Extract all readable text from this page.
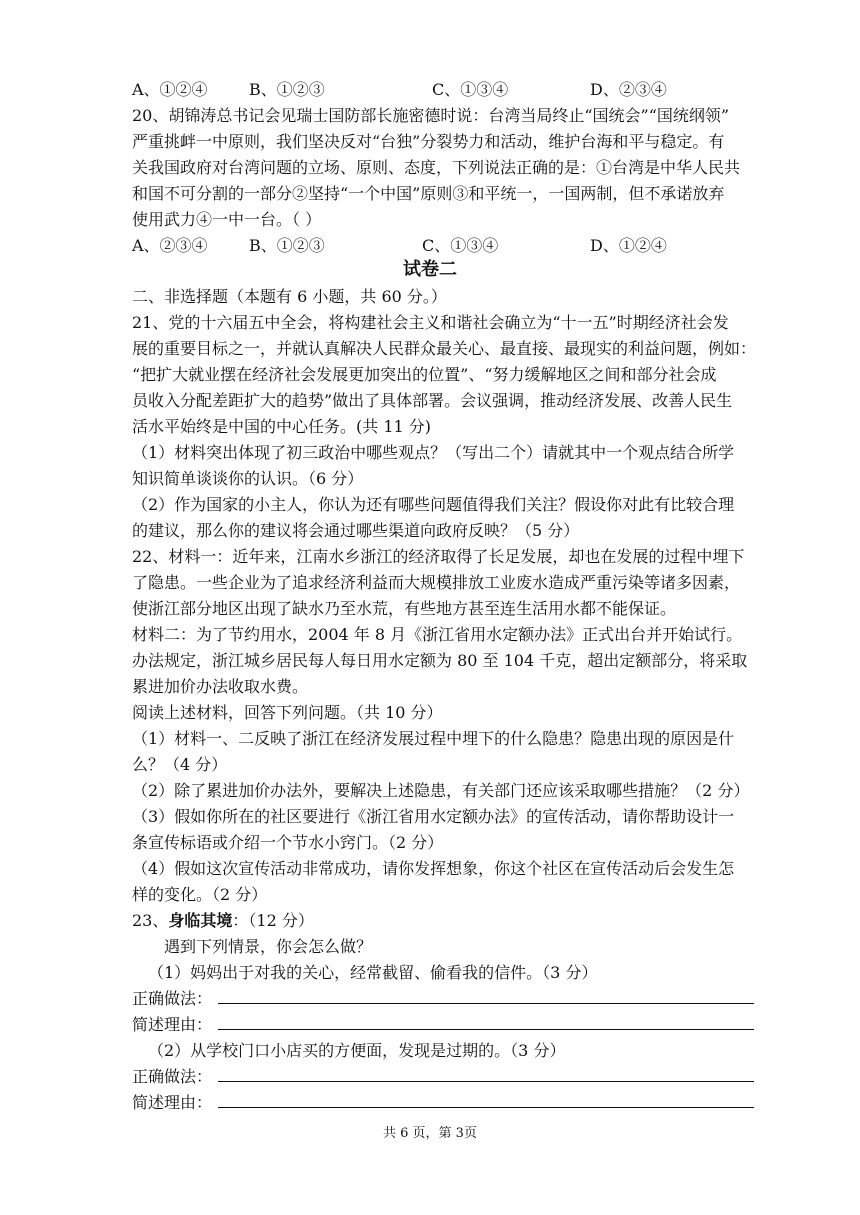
A、①②④	B、①②③	C、①③④	D、②③④
20、胡锦涛总书记会见瑞士国防部长施密德时说：台湾当局终止“国统会”“国统纲领”
严重挑衅一中原则，我们坚决反对“台独”分裂势力和活动，维护台海和平与稳定。有
关我国政府对台湾问题的立场、原则、态度，下列说法正确的是：①台湾是中华人民共
和国不可分割的一部分②坚持“一个中国”原则③和平统一，一国两制，但不承诺放弃
使用武力④一中一台。（ ）
A、②③④	B、①②③	C、①③④	D、①②④
试卷二
二、非选择题（本题有 6 小题，共 60 分。）
21、党的十六届五中全会，将构建社会主义和谐社会确立为“十一五”时期经济社会发
展的重要目标之一，并就认真解决人民群众最关心、最直接、最现实的利益问题，例如：
“把扩大就业摆在经济社会发展更加突出的位置”、“努力缓解地区之间和部分社会成
员收入分配差距扩大的趋势”做出了具体部署。会议强调，推动经济发展、改善人民生
活水平始终是中国的中心任务。(共 11 分)
（1）材料突出体现了初三政治中哪些观点？（写出二个）请就其中一个观点结合所学
知识简单谈谈你的认识。（6 分）
（2）作为国家的小主人，你认为还有哪些问题值得我们关注？假设你对此有比较合理
的建议，那么你的建议将会通过哪些渠道向政府反映？（5 分）
22、材料一：近年来，江南水乡浙江的经济取得了长足发展，却也在发展的过程中埋下
了隐患。一些企业为了追求经济利益而大规模排放工业废水造成严重污染等诸多因素，
使浙江部分地区出现了缺水乃至水荒，有些地方甚至连生活用水都不能保证。
材料二：为了节约用水，2004 年 8 月《浙江省用水定额办法》正式出台并开始试行。
办法规定，浙江城乡居民每人每日用水定额为 80 至 104 千克，超出定额部分，将采取
累进加价办法收取水费。
阅读上述材料，回答下列问题。（共 10 分）
（1）材料一、二反映了浙江在经济发展过程中埋下的什么隐患？隐患出现的原因是什
么？（4 分）
（2）除了累进加价办法外，要解决上述隐患，有关部门还应该采取哪些措施？（2 分）
（3）假如你所在的社区要进行《浙江省用水定额办法》的宣传活动，请你帮助设计一
条宣传标语或介绍一个节水小窍门。（2 分）
（4）假如这次宣传活动非常成功，请你发挥想象，你这个社区在宣传活动后会发生怎
样的变化。（2 分）
23、身临其境：（12 分）
遇到下列情景，你会怎么做？
（1）妈妈出于对我的关心，经常截留、偷看我的信件。（3 分）
正确做法：
简述理由：
（2）从学校门口小店买的方便面，发现是过期的。（3 分）
正确做法：
简述理由：
共 6 页，第 3页
